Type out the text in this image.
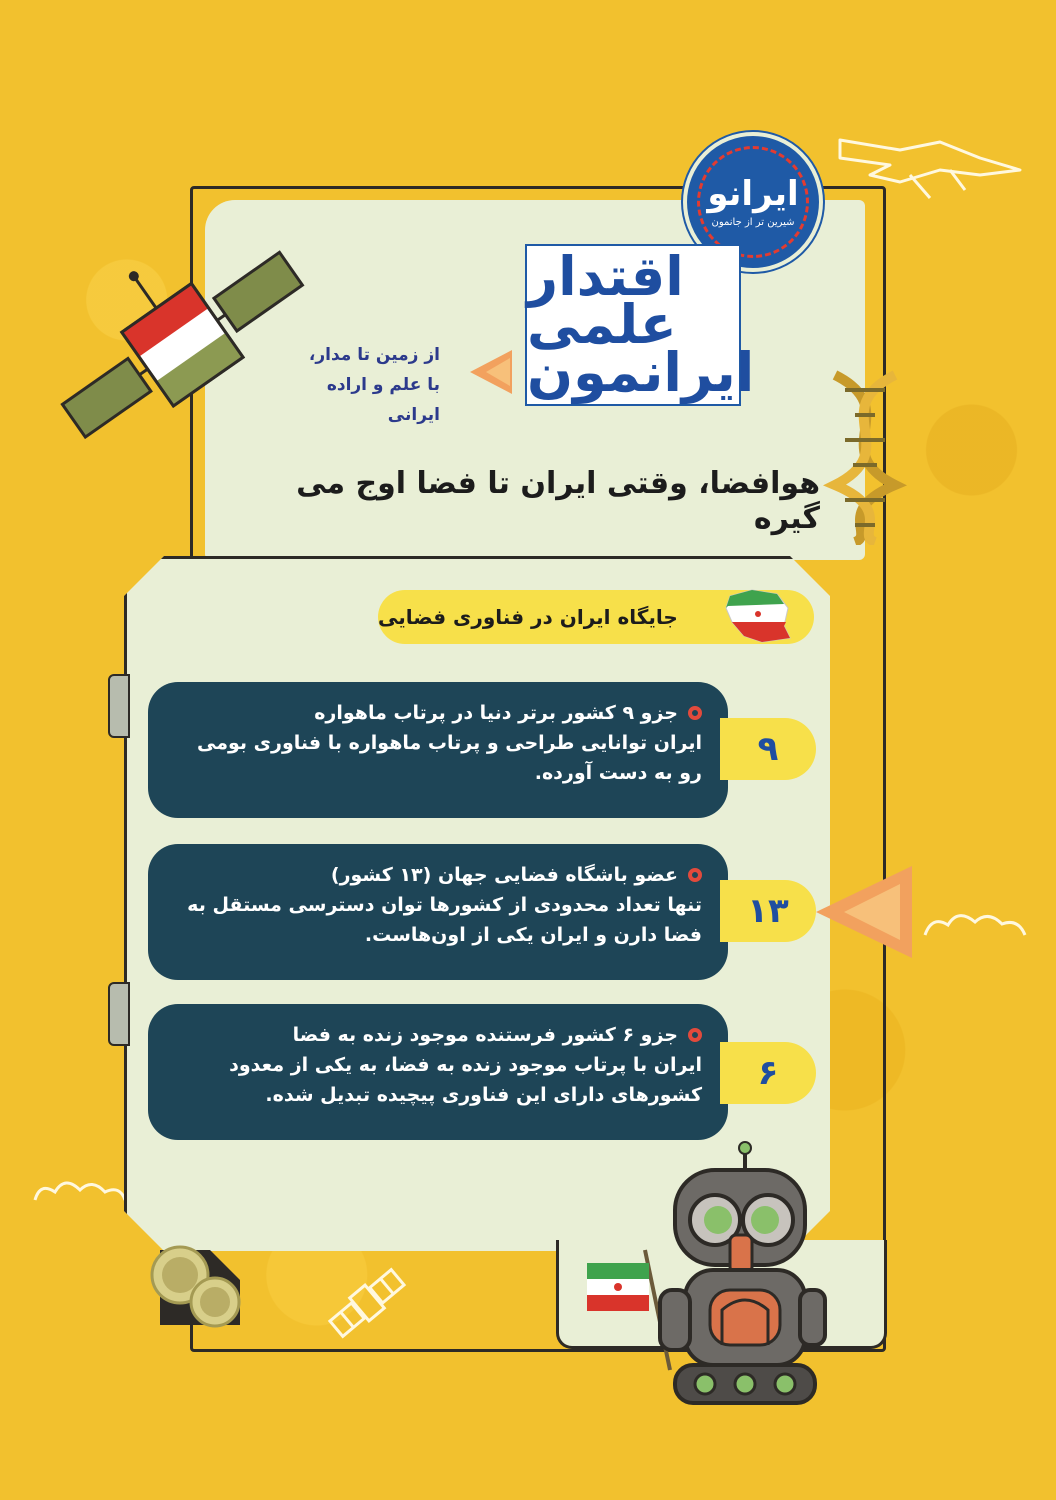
ایرانو
شیرین تر از جانمون
اقتدار
علمی
ایرانمون
از زمین تا مدار،
با علم و اراده ایرانی
هوافضا، وقتی ایران تا فضا اوج می گیره
جایگاه ایران در فناوری فضایی
جزو ۹ کشور برتر دنیا در پرتاب ماهواره
ایران توانایی طراحی و پرتاب ماهواره با فناوری بومی رو به دست آورده.
۹
عضو باشگاه فضایی جهان (۱۳ کشور)
تنها تعداد محدودی از کشورها توان دسترسی مستقل به فضا دارن و ایران یکی از اون‌هاست.
۱۳
جزو ۶ کشور فرستنده موجود زنده به فضا
ایران با پرتاب موجود زنده به فضا، به یکی از معدود کشورهای دارای این فناوری پیچیده تبدیل شده.
۶
